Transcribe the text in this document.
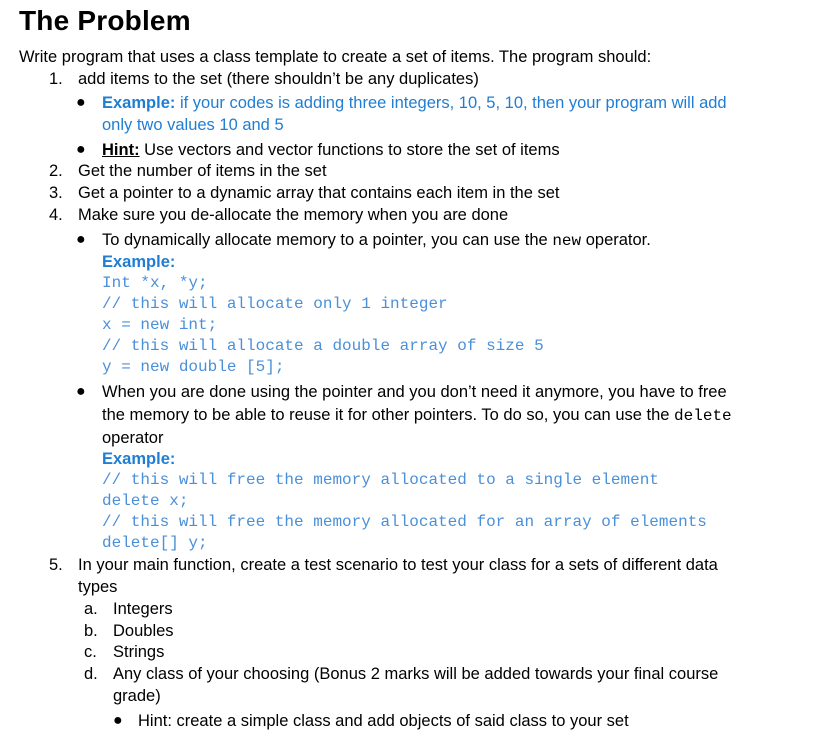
The Problem
Write program that uses a class template to create a set of items. The program should:
1. add items to the set (there shouldn’t be any duplicates)
● Example: if your codes is adding three integers, 10, 5, 10, then your program will add
only two values 10 and 5
● Hint: Use vectors and vector functions to store the set of items
2. Get the number of items in the set
3. Get a pointer to a dynamic array that contains each item in the set
4. Make sure you de-allocate the memory when you are done
● To dynamically allocate memory to a pointer, you can use the new operator.
Example:
Int *x, *y;
// this will allocate only 1 integer
x = new int;
// this will allocate a double array of size 5
y = new double [5];
● When you are done using the pointer and you don’t need it anymore, you have to free
the memory to be able to reuse it for other pointers. To do so, you can use the delete
operator
Example:
// this will free the memory allocated to a single element
delete x;
// this will free the memory allocated for an array of elements
delete[] y;
5. In your main function, create a test scenario to test your class for a sets of different data
types
a. Integers
b. Doubles
c. Strings
d. Any class of your choosing (Bonus 2 marks will be added towards your final course
grade)
● Hint: create a simple class and add objects of said class to your set
